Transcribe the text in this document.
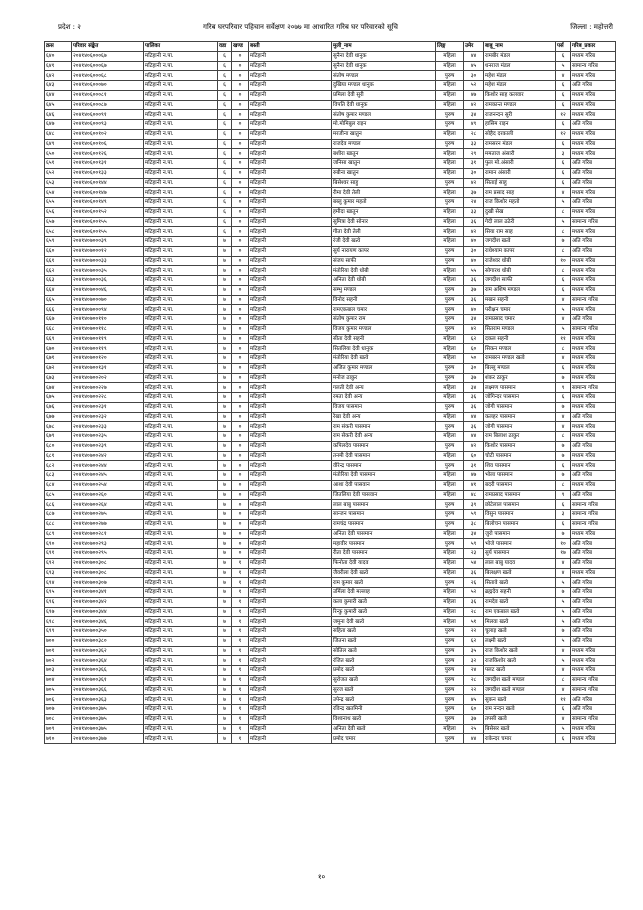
प्रदेश : २	गरिब घरपरिवार पहिचान सर्वेक्षण २०७७ मा आधारित गरिब घर परिवारको सूचि	जिल्ला : महोत्तरी
क्रस	परिवार संङ्केत	पालिका	वडा	खण्ड	बस्ती	मुली_नाम	लिङ्ग	उमेर	बाबु_नाम	पर्स	गरिब_प्रकार
६४०	२०४१४०६०००६७	मटिहानी न.पा.	६	०	मटिहानी	सुनैना देवी धानुक	महिला	४४	रामबीर मंडल	६	मध्यम गरिब
६४१	२०४१४०६०००६७	मटिहानी न.पा.	६	०	मटिहानी	सुनैना देवी धानुक	महिला	४५	धनराज मंडल	५	सामान्य गरिब
६४२	२०४१४०६०००६८	मटिहानी न.पा.	६	०	मटिहानी	संतोष मण्डल	पुरुष	३०	महेश मंडल	४	मध्यम गरिब
६४३	२०४१४०६०००७०	मटिहानी न.पा.	६	०	मटिहानी	दुखिया मण्डल धानुक	महिला	५२	महेश मंडल	६	अति गरिब
६४४	२०४१४०६०००८१	मटिहानी न.पा.	६	०	मटिहानी	प्रमिला देवी सुरी	महिला	४७	किशोर साह कलवार	६	मध्यम गरिब
६४५	२०४१४०६०००८७	मटिहानी न.पा.	६	०	मटिहानी	विपति देवी धानुक	महिला	४२	रामकान्त मण्डल	६	मध्यम गरिब
६४६	२०४१४०६०००९१	मटिहानी न.पा.	६	०	मटिहानी	संतोष कुमार मण्डल	पुरुष	३४	राजनन्दन सुरी	१२	मध्यम गरिब
६४७	२०४१४०६०००९३	मटिहानी न.पा.	६	०	मटिहानी	मो.मोमिबुल राइन	पुरुष	४९	हासिम राइन	६	अति गरिब
६४८	२०४१४०६००१०२	मटिहानी न.पा.	६	०	मटिहानी	मरजीना खातुन	महिला	२८	सोहैद दरकाली	१२	मध्यम गरिब
६४९	२०४१४०६००१०६	मटिहानी न.पा.	६	०	मटिहानी	राजदेव मण्डल	पुरुष	३३	रामसरन मंडल	६	मध्यम गरिब
६५०	२०४१४०६००१२६	मटिहानी न.पा.	६	०	मटिहानी	बशीरा खातुन	महिला	२९	ममताज अंसारी	३	मध्यम गरिब
६५१	२०४१४०६००१३१	मटिहानी न.पा.	६	०	मटिहानी	जनिसा खातुन	महिला	३१	फुल मो.अंसारी	६	अति गरिब
६५२	२०४१४०६००१३३	मटिहानी न.पा.	६	०	मटिहानी	रुबीना खातुन	महिला	३०	रामान अंसारी	६	अति गरिब
६५३	२०४१४०६००१४४	मटिहानी न.पा.	६	०	मटिहानी	बिसेश्वर साहु	पुरुष	४२	सिताई साहु	६	अति गरिब
६५४	२०४१४०६००१४७	मटिहानी न.पा.	६	०	मटिहानी	रीमा देवी तेली	महिला	३७	राम प्रसाद साह	४	मध्यम गरिब
६५५	२०४१४०६००१४९	मटिहानी न.पा.	६	०	मटिहानी	बब्लु कुमार महतो	पुरुष	२४	राज किशोर महतो	५	अति गरिब
६५६	२०४१४०६००१५२	मटिहानी न.पा.	६	०	मटिहानी	हमीदा खातुन	महिला	३३	दुखी सेख	८	मध्यम गरिब
६५७	२०४१४०६००१५५	मटिहानी न.पा.	६	०	मटिहानी	सुमित्रा देवी सोनार	महिला	३६	गेदी लाल ठठेरी	५	सामान्य गरिब
६५८	२०४१४०६००१५५	मटिहानी न.पा.	६	०	मटिहानी	गीता देवी तेली	महिला	४२	सिया राम साह	८	मध्यम गरिब
६५९	२०४१४०७०००३९	मटिहानी न.पा.	७	०	मटिहानी	रंजी देवी खत्वे	महिला	४०	जगदीश खत्वे	७	अति गरिब
६६०	२०४१४०७०००१२	मटिहानी न.पा.	७	०	मटिहानी	सुर्य नारायण कापर	पुरुष	३०	राधेश्याम कापर	८	अति गरिब
६६१	२०४१४०७०००३३	मटिहानी न.पा.	७	०	मटिहानी	संजय साफी	पुरुष	४०	राजेश्वर धोबी	१०	मध्यम गरिब
६६२	२०४१४०७०००३५	मटिहानी न.पा.	७	०	मटिहानी	मंतोरिया देवी धोबी	महिला	५५	सोगारथ धोबी	८	मध्यम गरिब
६६३	२०४१४०७०००३६	मटिहानी न.पा.	७	०	मटिहानी	अनिता देवी धोबी	महिला	३६	जगदीश साफी	६	मध्यम गरिब
६६४	२०४१४०७०००४६	मटिहानी न.पा.	७	०	मटिहानी	सम्भु मण्डल	पुरुष	३७	राम अशिष मण्डल	६	मध्यम गरिब
६६५	२०४१४०७०००७०	मटिहानी न.पा.	७	०	मटिहानी	विनोद सहनी	पुरुष	३६	मखन सहनी	४	सामान्य गरिब
६६६	२०४१४०७०००९४	मटिहानी न.पा.	७	०	मटिहानी	रामएकबाल चमार	पुरुष	४०	परीक्षन चमार	५	मध्यम गरिब
६६७	२०४१४०७००११०	मटिहानी न.पा.	७	०	मटिहानी	संतोष कुमार राम	पुरुष	३४	रामप्रसाद चमार	४	अति गरिब
६६८	२०४१४०७००११८	मटिहानी न.पा.	७	०	मटिहानी	विजय कुमार मण्डल	पुरुष	४२	सितराम मण्डल	५	सामान्य गरिब
६६९	२०४१४०७००११९	मटिहानी न.पा.	७	०	मटिहानी	सीता देवी सहनी	महिला	६२	दकल सहनी	११	मध्यम गरिब
६७०	२०४१४०७००११९	मटिहानी न.पा.	७	०	मटिहानी	सितलिया देवी धानुक	महिला	६०	सिकन मण्डल	८	मध्यम गरिब
६७१	२०४१४०७००१२०	मटिहानी न.पा.	७	०	मटिहानी	मंतोरिया देवी खत्वे	महिला	५०	रामबरन मण्डल खत्वे	४	मध्यम गरिब
६७२	२०४१४०७००१३१	मटिहानी न.पा.	७	०	मटिहानी	अजित कुमार मण्डल	पुरुष	३०	बिल्लु मण्डल	६	मध्यम गरिब
६७३	२०४१४०७००२०२	मटिहानी न.पा.	७	०	मटिहानी	मनोज ठाकुर	पुरुष	३७	शंकर ठाकुर	७	मध्यम गरिब
६७४	२०४१४०७००२२७	मटिहानी न.पा.	७	०	मटिहानी	गलती देवी अन्य	महिला	३४	लक्ष्मण पासमान	९	सामान्य गरिब
६७५	२०४१४०७००२२८	मटिहानी न.पा.	७	०	मटिहानी	रमता देवी अन्य	महिला	३६	जोगिन्दर पासमान	६	मध्यम गरिब
६७६	२०४१४०७००२३१	मटिहानी न.पा.	७	०	मटिहानी	विजय पासमान	पुरुष	३६	जोगी पासमान	७	मध्यम गरिब
६७७	२०४१४०७००२३२	मटिहानी न.पा.	७	०	मटिहानी	रेखा देवी अन्य	महिला	४४	कलहर पासमान	४	अति गरिब
६७८	२०४१४०७००२३३	मटिहानी न.पा.	७	०	मटिहानी	राम संकरी पासमान	पुरुष	३६	जोगी पासमान	४	मध्यम गरिब
६७९	२०४१४०७००२३५	मटिहानी न.पा.	७	०	मटिहानी	राम सेकरी देवी अन्य	महिला	४४	राम बिलाश ठाकुर	८	मध्यम गरिब
६८०	२०४१४०७००२३९	मटिहानी न.पा.	७	०	मटिहानी	कपिलदेव पासमान	पुरुष	४२	किशोर पासमान	७	अति गरिब
६८१	२०४१४०७००२४२	मटिहानी न.पा.	७	०	मटिहानी	तनमी देवी पासमान	महिला	६०	चोटी पासमान	७	मध्यम गरिब
६८२	२०४१४०७००२४४	मटिहानी न.पा.	७	०	मटिहानी	वीरेन्द्र पासमान	पुरुष	३१	शिव पासमान	६	मध्यम गरिब
६८३	२०४१४०७००२४५	मटिहानी न.पा.	७	०	मटिहानी	मंतोरिया देवी पासमान	महिला	४७	भोला पासमान	७	अति गरिब
६८४	२०४१४०७००२५४	मटिहानी न.पा.	७	०	मटिहानी	आशा देवी पासवान	महिला	४१	बदरी पासमान	८	मध्यम गरिब
६८५	२०४१४०७००२६०	मटिहानी न.पा.	७	०	मटिहानी	जितलिया देवी पासवान	महिला	४८	रामप्रसाद पासमान	९	अति गरिब
६८६	२०४१४०७००२६४	मटिहानी न.पा.	७	०	मटिहानी	लाल बाबु पासमान	पुरुष	३९	छोटेलाल पासमान	६	सामान्य गरिब
६८७	२०४१४०७००२७५	मटिहानी न.पा.	७	०	मटिहानी	सान्जन पासमान	पुरुष	५९	विसुन पासमान	३	सामान्य गरिब
६८८	२०४१४०७००२७७	मटिहानी न.पा.	७	०	मटिहानी	रामचंद्र पासमान	पुरुष	३८	बिलोचन पासमान	६	सामान्य गरिब
६८९	२०४१४०७००२८१	मटिहानी न.पा.	७	०	मटिहानी	अनिता देवी पासमान	महिला	३४	जुरो पासमान	७	मध्यम गरिब
६९०	२०४१४०७००२९३	मटिहानी न.पा.	७	०	मटिहानी	महावीर पासमान	पुरुष	५९	भोजे पासमान	१०	अति गरिब
६९१	२०४१४०७००२९५	मटिहानी न.पा.	७	०	मटिहानी	रीता देवी पासमान	महिला	२३	सुर्य पासमान	१७	अति गरिब
६९२	२०४१४०७००३०८	मटिहानी न.पा.	७	१	मटिहानी	फिनोता देवी यादव	महिला	५४	लाल बाबु यादव	४	अति गरिब
६९३	२०४१४०७००३०८	मटिहानी न.पा.	७	१	मटिहानी	जैवरीला देवी खत्वे	महिला	३६	बिलक्षण खत्वे	४	मध्यम गरिब
६९४	२०४१४०७००३०७	मटिहानी न.पा.	७	१	मटिहानी	राम कुमार खत्वे	पुरुष	२६	सितावे खत्वे	५	अति गरिब
६९५	२०४१४०७००३४१	मटिहानी न.पा.	७	१	मटिहानी	उर्मिला देवी मल्लाह	महिला	५२	ब्रह्मदेव सहनी	७	अति गरिब
६९६	२०४१४०७००३४२	मटिहानी न.पा.	७	१	मटिहानी	कला कुमारी खत्वे	महिला	३६	रामदेव खत्वे	५	अति गरिब
६९७	२०४१४०७००३४४	मटिहानी न.पा.	७	१	मटिहानी	रिन्कु कुमारी खत्वे	महिला	२८	राम एकबाल खत्वे	५	अति गरिब
६९८	२०४१४०७००३४६	मटिहानी न.पा.	७	१	मटिहानी	जमुना देवी खत्वे	महिला	५१	मिलवा खत्वे	५	अति गरिब
६९९	२०४१४०७००३५०	मटिहानी न.पा.	७	१	मटिहानी	सहिता खत्वे	पुरुष	२२	चुलाइ खत्वे	७	अति गरिब
७००	२०४१४०७००३८०	मटिहानी न.पा.	७	१	मटिहानी	जितना खत्वे	पुरुष	६२	लक्ष्मी खत्वे	५	अति गरिब
७०१	२०४१४०७००३६२	मटिहानी न.पा.	७	१	मटिहानी	सोतिल खत्वे	पुरुष	३५	राज किशोर खत्वे	४	मध्यम गरिब
७०२	२०४१४०७००३६४	मटिहानी न.पा.	७	१	मटिहानी	रंजित खत्वे	पुरुष	३२	राजकिशोर खत्वे	५	मध्यम गरिब
७०३	२०४१४०७००३६६	मटिहानी न.पा.	७	१	मटिहानी	प्रमोद खत्वे	पुरुष	२४	पलट खत्वे	४	मध्यम गरिब
७०४	२०४१४०७००३६१	मटिहानी न.पा.	७	१	मटिहानी	सुरोजत खत्वे	पुरुष	२८	जगदीश खत्वे मण्डल	८	सामान्य गरिब
७०५	२०४१४०७००३६६	मटिहानी न.पा.	७	१	मटिहानी	सुरज खत्वे	पुरुष	२२	जगदीश खत्वे मण्डल	४	सामान्य गरिब
७०६	२०४१४०७००३६३	मटिहानी न.पा.	७	१	मटिहानी	उपेन्द्र खत्वे	पुरुष	४५	सुकन खत्वे	११	अति गरिब
७०७	२०४१४०७००३७५	मटिहानी न.पा.	७	१	मटिहानी	रविन्द्र खतमिनी	पुरुष	६०	राम नन्दन खत्वे	६	अति गरिब
७०८	२०४१४०७००३७५	मटिहानी न.पा.	७	१	मटिहानी	विश्वनाथ खत्वे	पुरुष	३७	तपसी खत्वे	४	सामान्य गरिब
७०९	२०४१४०७००३७५	मटिहानी न.पा.	७	१	मटिहानी	अनिता देवी खत्वे	महिला	२५	बिसेसर खत्वे	५	मध्यम गरिब
७१०	२०४१४०७००३७७	मटिहानी न.पा.	७	१	मटिहानी	प्रमोद चमार	पुरुष	४४	राकेन्दर चमार	६	मध्यम गरिब
१०
